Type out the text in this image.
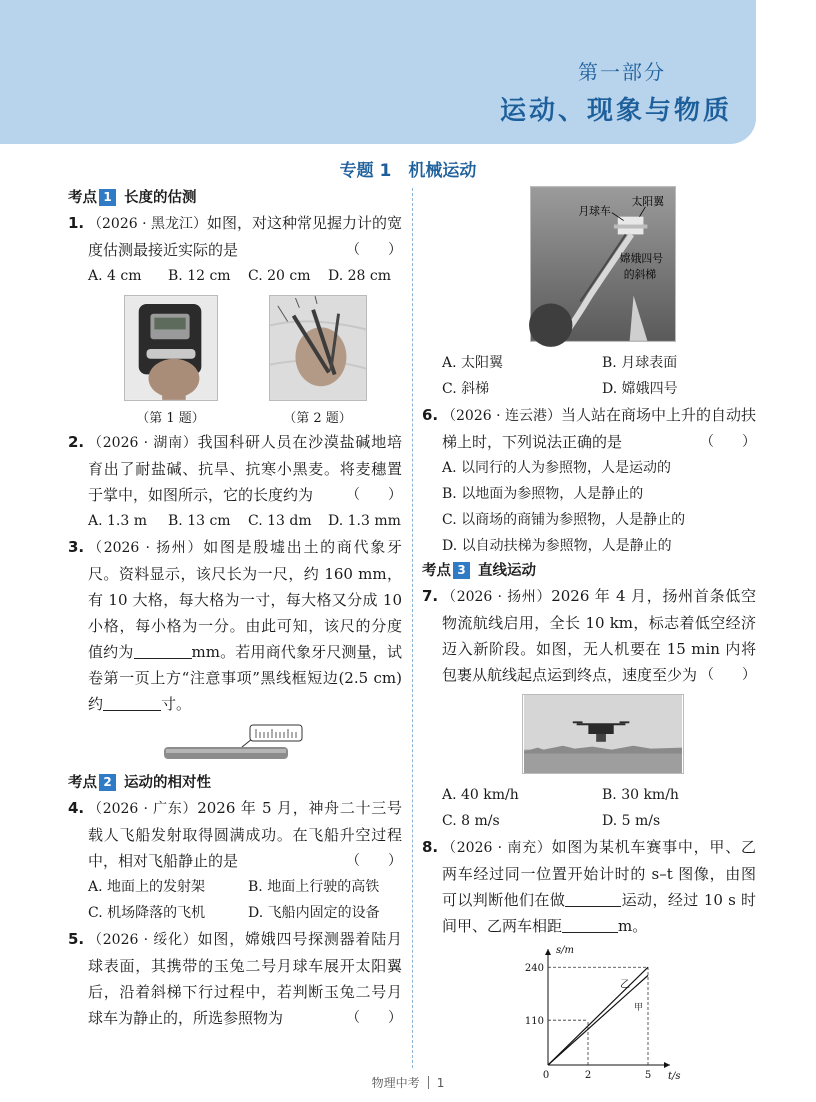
第一部分
运动、现象与物质
专题 1　机械运动
考点 1 长度的估测
1. （2026 · 黑龙江）如图，对这种常见握力计的宽度估测最接近实际的是	（　　）
A. 4 cm	B. 12 cm	C. 20 cm	D. 28 cm
（第 1 题）	（第 2 题）
2. （2026 · 湖南）我国科研人员在沙漠盐碱地培育出了耐盐碱、抗旱、抗寒小黑麦。将麦穗置于掌中，如图所示，它的长度约为 （　　）
A. 1.3 m	B. 13 cm	C. 13 dm	D. 1.3 mm
3. （2026 · 扬州）如图是殷墟出土的商代象牙尺。资料显示，该尺长为一尺，约 160 mm，有 10 大格，每大格为一寸，每大格又分成 10 小格，每小格为一分。由此可知，该尺的分度值约为	mm。若用商代象牙尺测量，试卷第一页上方“注意事项”黑线框短边(2.5 cm)约	寸。
考点 2 运动的相对性
4. （2026 · 广东）2026 年 5 月，神舟二十三号载人飞船发射取得圆满成功。在飞船升空过程中，相对飞船静止的是	（　　）
A. 地面上的发射架	B. 地面上行驶的高铁
C. 机场降落的飞机	D. 飞船内固定的设备
5. （2026 · 绥化）如图，嫦娥四号探测器着陆月球表面，其携带的玉兔二号月球车展开太阳翼后，沿着斜梯下行过程中，若判断玉兔二号月球车为静止的，所选参照物为	（　　）
月球车
太阳翼
嫦娥四号
的斜梯
A. 太阳翼	B. 月球表面
C. 斜梯	D. 嫦娥四号
6. （2026 · 连云港）当人站在商场中上升的自动扶梯上时，下列说法正确的是	（　　）
A. 以同行的人为参照物，人是运动的
B. 以地面为参照物，人是静止的
C. 以商场的商铺为参照物，人是静止的
D. 以自动扶梯为参照物，人是静止的
考点 3 直线运动
7. （2026 · 扬州）2026 年 4 月，扬州首条低空物流航线启用，全长 10 km，标志着低空经济迈入新阶段。如图，无人机要在 15 min 内将包裹从航线起点运到终点，速度至少为 （　　）
A. 40 km/h	B. 30 km/h
C. 8 m/s	D. 5 m/s
8. （2026 · 南充）如图为某机车赛事中，甲、乙两车经过同一位置开始计时的 s–t 图像，由图可以判断他们在做	运动，经过 10 s 时间甲、乙两车相距	m。
s/m
t/s
110
240
0	2	5
乙
甲
物理中考 1
